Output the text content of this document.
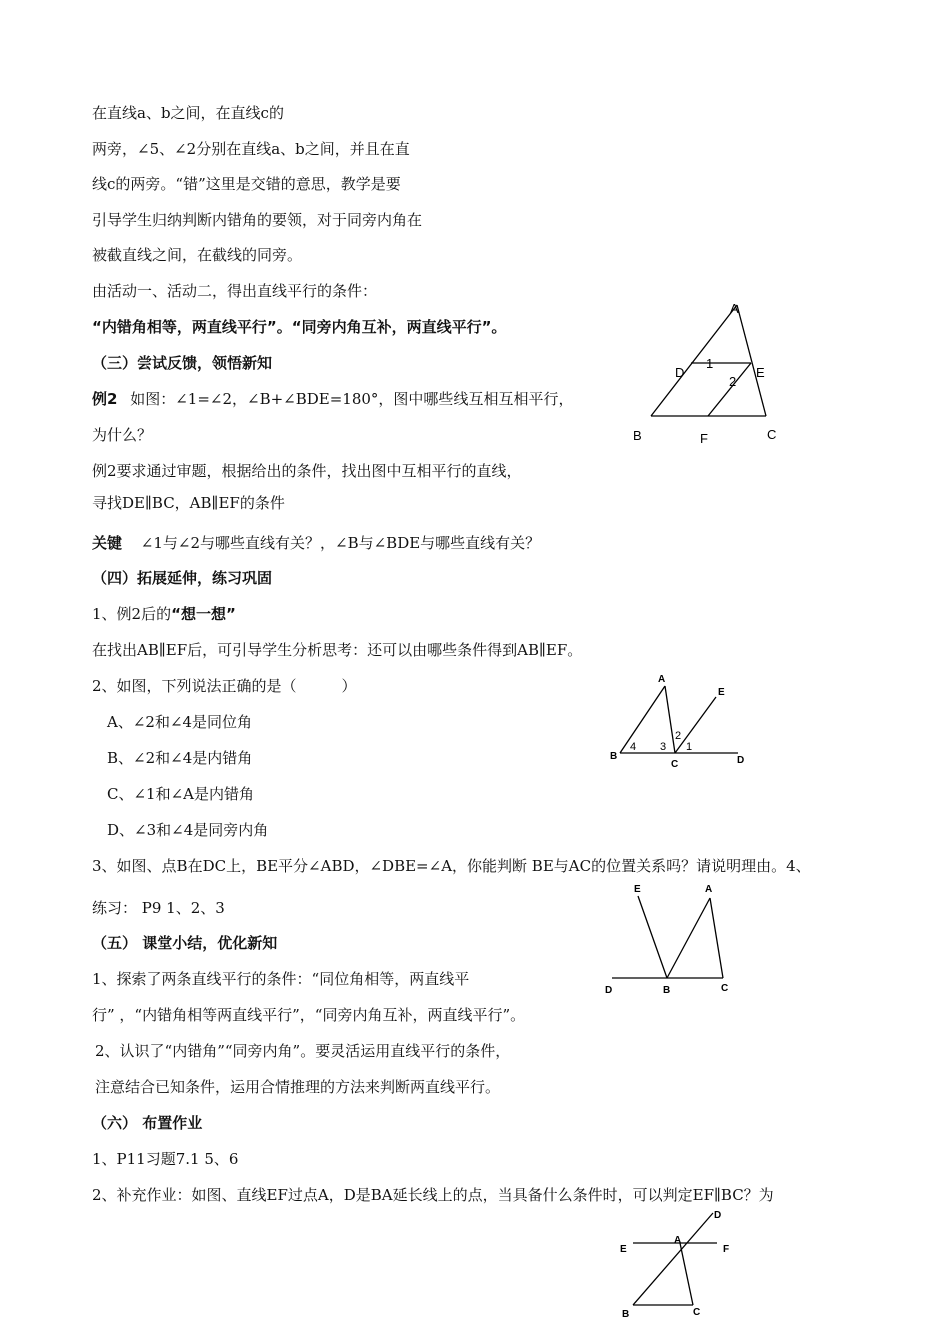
在直线a、b之间，在直线c的
两旁，∠5、∠2分别在直线a、b之间，并且在直
线c的两旁。“错”这里是交错的意思，教学是要
引导学生归纳判断内错角的要领，对于同旁内角在
被截直线之间，在截线的同旁。
由活动一、活动二，得出直线平行的条件：
“内错角相等，两直线平行”。“同旁内角互补，两直线平行”。
（三）尝试反馈，领悟新知
例2 如图：∠1=∠2，∠B+∠BDE=180°，图中哪些线互相互相平行，
为什么？
例2要求通过审题，根据给出的条件，找出图中互相平行的直线，
寻找DE∥BC，AB∥EF的条件
关键 ∠1与∠2与哪些直线有关？，∠B与∠BDE与哪些直线有关？
（四）拓展延伸，练习巩固
1、例2后的“想一想”
在找出AB∥EF后，可引导学生分析思考：还可以由哪些条件得到AB∥EF。
2、如图，下列说法正确的是（　　　）
A、∠2和∠4是同位角
B、∠2和∠4是内错角
C、∠1和∠A是内错角
D、∠3和∠4是同旁内角
3、如图、点B在DC上，BE平分∠ABD，∠DBE=∠A，你能判断 BE与AC的位置关系吗？请说明理由。4、
练习： P9 1、2、3
（五） 课堂小结，优化新知
1、探索了两条直线平行的条件：“同位角相等，两直线平
行” ，“内错角相等两直线平行”，“同旁内角互补，两直线平行”。
2、认识了“内错角”“同旁内角”。要灵活运用直线平行的条件，
注意结合已知条件，运用合情推理的方法来判断两直线平行。
（六） 布置作业
1、P11习题7.1 5、6
2、补充作业：如图、直线EF过点A，D是BA延长线上的点，当具备什么条件时，可以判定EF∥BC？为
A
D	E
1
2
B	F	C
A
E
B
C	D
4 3
2
1
E	A
D	B	C
D
E
A
F
B	C
